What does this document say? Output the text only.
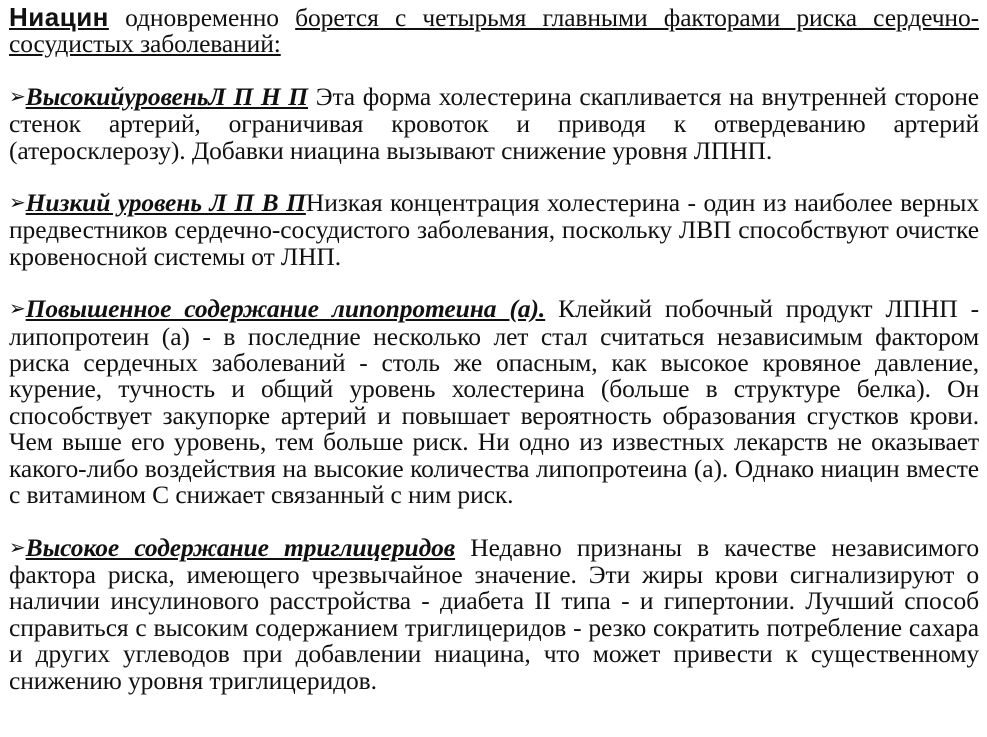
Ниацин одновременно борется с четырьмя главными факторами риска сердечно-сосудистых заболеваний:

➢ВысокийуровеньЛ П Н П Эта форма холестерина скапливается на внутренней стороне стенок артерий, ограничивая кровоток и приводя к отвердеванию артерий (атеросклерозу). Добавки ниацина вызывают снижение уровня ЛПНП.

➢Низкий уровень Л П В ПНизкая концентрация холестерина - один из наиболее верных предвестников сердечно-сосудистого заболевания, поскольку ЛВП способствуют очистке кровеносной системы от ЛНП.

➢Повышенное содержание липопротеина (а). Клейкий побочный продукт ЛПНП - липопротеин (а) - в последние несколько лет стал считаться независимым фактором риска сердечных заболеваний - столь же опасным, как высокое кровяное давление, курение, тучность и общий уровень холестерина (больше в структуре белка). Он способствует закупорке артерий и повышает вероятность образования сгустков крови. Чем выше его уровень, тем больше риск. Ни одно из известных лекарств не оказывает какого-либо воздействия на высокие количества липопротеина (а). Однако ниацин вместе с витамином С снижает связанный с ним риск.

➢Высокое содержание триглицеридов Недавно признаны в качестве независимого фактора риска, имеющего чрезвычайное значение. Эти жиры крови сигнализируют о наличии инсулинового расстройства - диабета II типа - и гипертонии. Лучший способ справиться с высоким содержанием триглицеридов - резко сократить потребление сахара и других углеводов при добавлении ниацина, что может привести к существенному снижению уровня триглицеридов.
